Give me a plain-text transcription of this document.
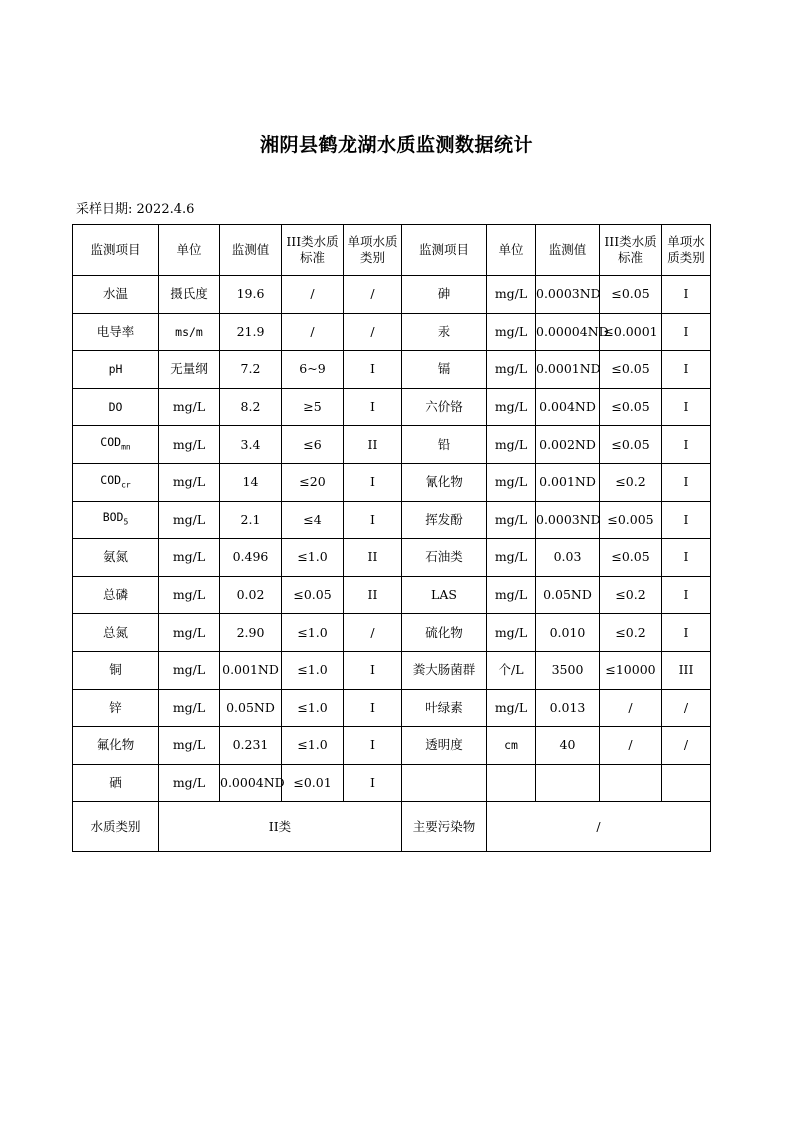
湘阴县鹤龙湖水质监测数据统计
采样日期: 2022.4.6
监测项目	单位	监测值	III类水质标准	单项水质类别	监测项目	单位	监测值	III类水质标准	单项水质类别
水温	摄氏度	19.6	/	/	砷	mg/L	0.0003ND	≤0.05	I
电导率	ms/m	21.9	/	/	汞	mg/L	0.00004ND	≤0.0001	I
pH	无量纲	7.2	6~9	I	镉	mg/L	0.0001ND	≤0.05	I
DO	mg/L	8.2	≥5	I	六价铬	mg/L	0.004ND	≤0.05	I
$COD_{mn}$	mg/L	3.4	≤6	II	铅	mg/L	0.002ND	≤0.05	I
$COD_{cr}$	mg/L	14	≤20	I	氰化物	mg/L	0.001ND	≤0.2	I
$BOD_5$	mg/L	2.1	≤4	I	挥发酚	mg/L	0.0003ND	≤0.005	I
氨氮	mg/L	0.496	≤1.0	II	石油类	mg/L	0.03	≤0.05	I
总磷	mg/L	0.02	≤0.05	II	LAS	mg/L	0.05ND	≤0.2	I
总氮	mg/L	2.90	≤1.0	/	硫化物	mg/L	0.010	≤0.2	I
铜	mg/L	0.001ND	≤1.0	I	粪大肠菌群	个/L	3500	≤10000	III
锌	mg/L	0.05ND	≤1.0	I	叶绿素	mg/L	0.013	/	/
氟化物	mg/L	0.231	≤1.0	I	透明度	cm	40	/	/
硒	mg/L	0.0004ND	≤0.01	I					
水质类别	II类				主要污染物	/			
